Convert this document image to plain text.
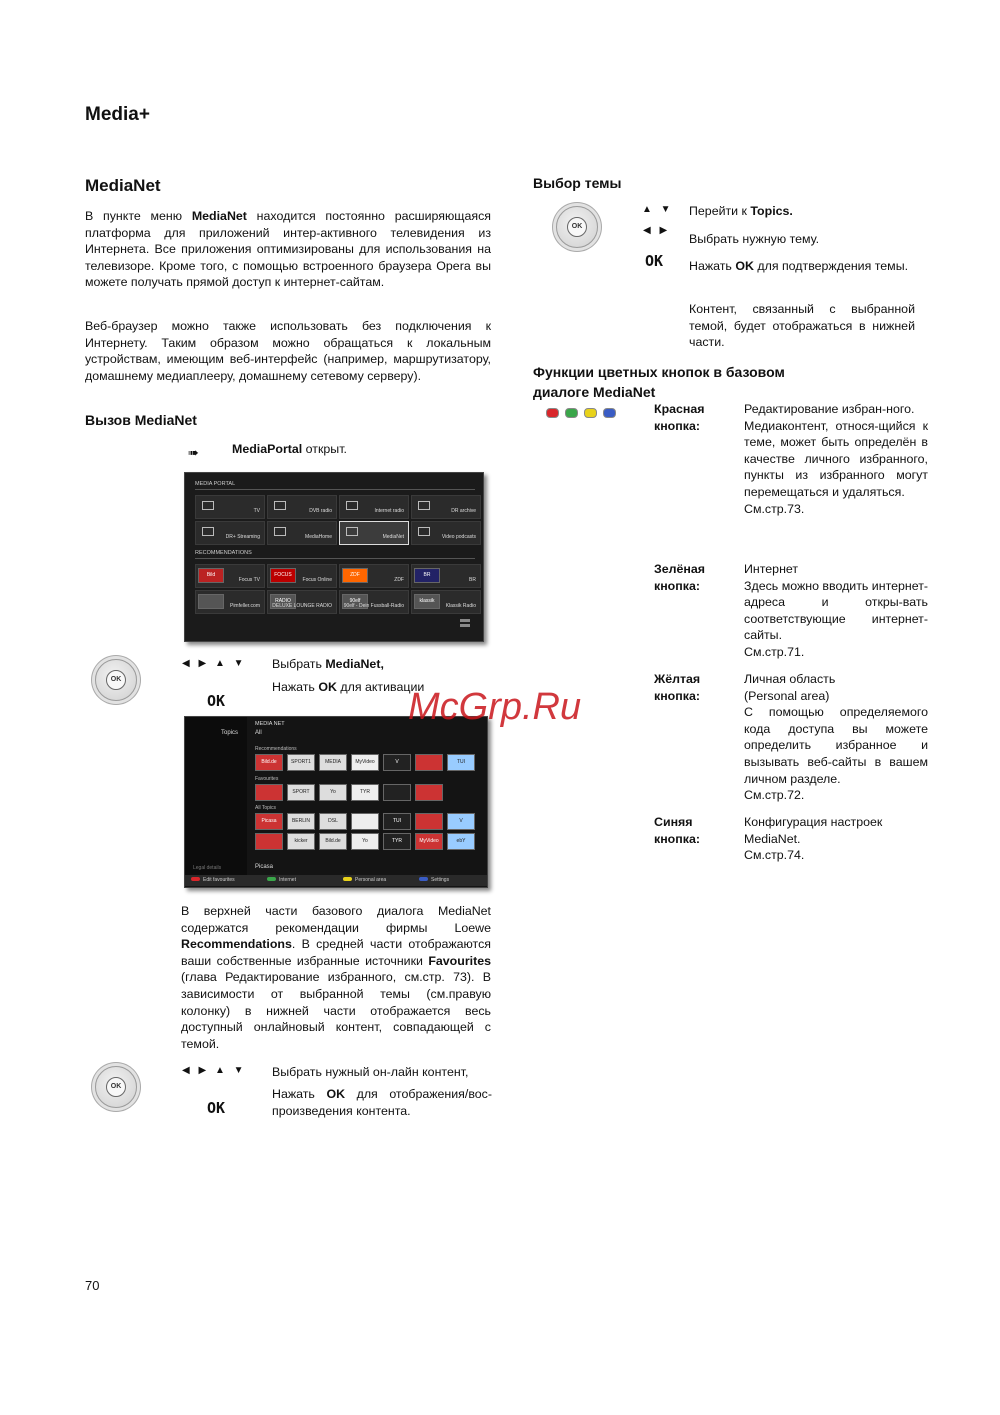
Media+
MediaNet

В пункте меню MediaNet находится постоянно расширяющаяся платформа для приложений интер-активного телевидения из Интернета. Все приложения оптимизированы для использования на телевизоре. Кроме того, с помощью встроенного браузера Opera вы можете получать прямой доступ к интернет-сайтам.

Веб-браузер можно также использовать без подключения к Интернету. Таким образом можно обращаться к локальным устройствам, имеющим веб-интерфейс (например, маршрутизатору, домашнему медиаплееру, домашнему сетевому серверу).

Вызов MediaNet
➠	MediaPortal открыт.
MEDIA PORTAL
TV	DVB radio	Internet radio	DR archive
DR+ Streaming	MediaHome	MediaNet	Video podcasts
RECOMMENDATIONS
Bild
Focus TV
FOCUS
Focus Online
ZDF
ZDF
BR
BR
Pimfeller.com
RADIO
DELUXE LOUNGE RADIO
90elf
90elf - Dein Fussball-Radio
klassik
Klassik Radio
OK
◀ ▶ ▲ ▼
OK
Выбрать MediaNet,
Нажать OK для активации
MEDIA NET
Topics	All
Recommendations
Bild.de	SPORT1	MEDIA	MyVideo	V	TUI
Favourites
SPORT	Yo	TYR
All Topics
Picasa	BERLIN	DSL	TUI	V
kicker	Bild.de	Yo	TYR	MyVideo	ebY
Legal details	Picasa
Edit favourites	Internet	Personal area	Settings

В верхней части базового диалога MediaNet содержатся рекомендации фирмы Loewe Recommendations. В средней части отображаются ваши собственные избранные источники Favourites (глава Редактирование избранного, см.стр. 73). В зависимости от выбранной темы (см.правую колонку) в нижней части отображается весь доступный онлайновый контент, совпадающей с темой.

OK
◀ ▶ ▲ ▼
OK
Выбрать нужный он-лайн контент,
Нажать OK для отображения/вос-произведения контента.
Выбор темы
OK
▲ ▼
◀ ▶
OK
Перейти к Topics.
Выбрать нужную тему.
Нажать OK для подтверждения темы.
Контент, связанный с выбранной темой, будет отображаться в нижней части.
Функции цветных кнопок в базовом диалоге MediaNet
Красная кнопка:
Редактирование избран-ного.
Медиаконтент, относя-щийся к теме, может быть определён в качестве личного избранного, пункты из избранного могут перемещаться и удаляться.
См.стр.73.
Зелёная кнопка:
Интернет
Здесь можно вводить интернет-адреса и откры-вать соответствующие интернет-сайты.
См.стр.71.
Жёлтая кнопка:
Личная область
(Personal area)
С помощью определяемого кода доступа вы можете определить избранное и вызывать веб-сайты в вашем личном разделе.
См.стр.72.
Синяя кнопка:
Конфигурация настроек
MediaNet.
См.стр.74.
McGrp.Ru
70
